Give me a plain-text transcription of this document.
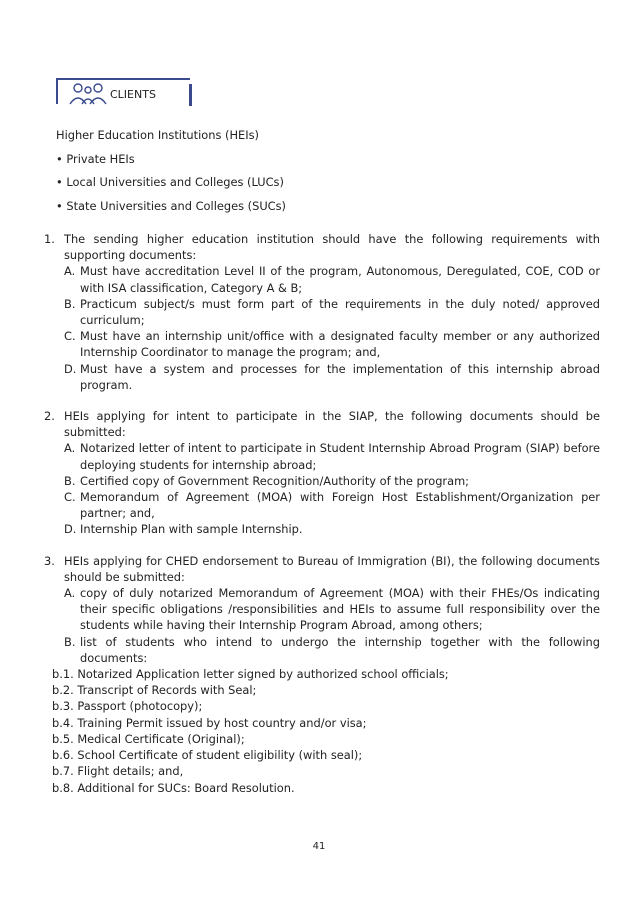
CLIENTS
Higher Education Institutions (HEIs)
• Private HEIs
• Local Universities and Colleges (LUCs)
• State Universities and Colleges (SUCs)
1. The sending higher education institution should have the following requirements with supporting documents:
A. Must have accreditation Level II of the program, Autonomous, Deregulated, COE, COD or with ISA classification, Category A & B;
B. Practicum subject/s must form part of the requirements in the duly noted/ approved curriculum;
C. Must have an internship unit/office with a designated faculty member or any authorized Internship Coordinator to manage the program; and,
D. Must have a system and processes for the implementation of this internship abroad program.
2. HEIs applying for intent to participate in the SIAP, the following documents should be submitted:
A. Notarized letter of intent to participate in Student Internship Abroad Program (SIAP) before deploying students for internship abroad;
B. Certified copy of Government Recognition/Authority of the program;
C. Memorandum of Agreement (MOA) with Foreign Host Establishment/Organization per partner; and,
D. Internship Plan with sample Internship.
3. HEIs applying for CHED endorsement to Bureau of Immigration (BI), the following documents should be submitted:
A. copy of duly notarized Memorandum of Agreement (MOA) with their FHEs/Os indicating their specific obligations /responsibilities and HEIs to assume full responsibility over the students while having their Internship Program Abroad, among others;
B. list of students who intend to undergo the internship together with the following documents:
b.1. Notarized Application letter signed by authorized school officials;
b.2. Transcript of Records with Seal;
b.3. Passport (photocopy);
b.4. Training Permit issued by host country and/or visa;
b.5. Medical Certificate (Original);
b.6. School Certificate of student eligibility (with seal);
b.7. Flight details; and,
b.8. Additional for SUCs: Board Resolution.
41
